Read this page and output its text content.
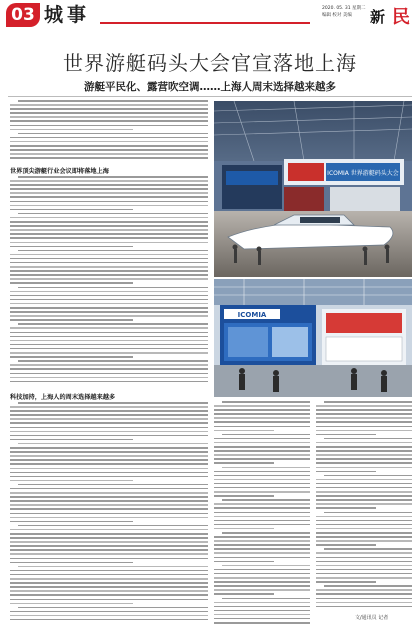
03 城事	2020. 05. 31 星期二
编辑 校对 美编 新 民
世界游艇码头大会官宣落地上海
游艇平民化、露营吹空调……上海人周末选择越来越多
世界顶尖游艇行业会议即将落地上海
科技加持，上海人的周末选择越来越多
ICOMIA 世界游艇码头大会
ICOMIA
文/通讯员 记者
